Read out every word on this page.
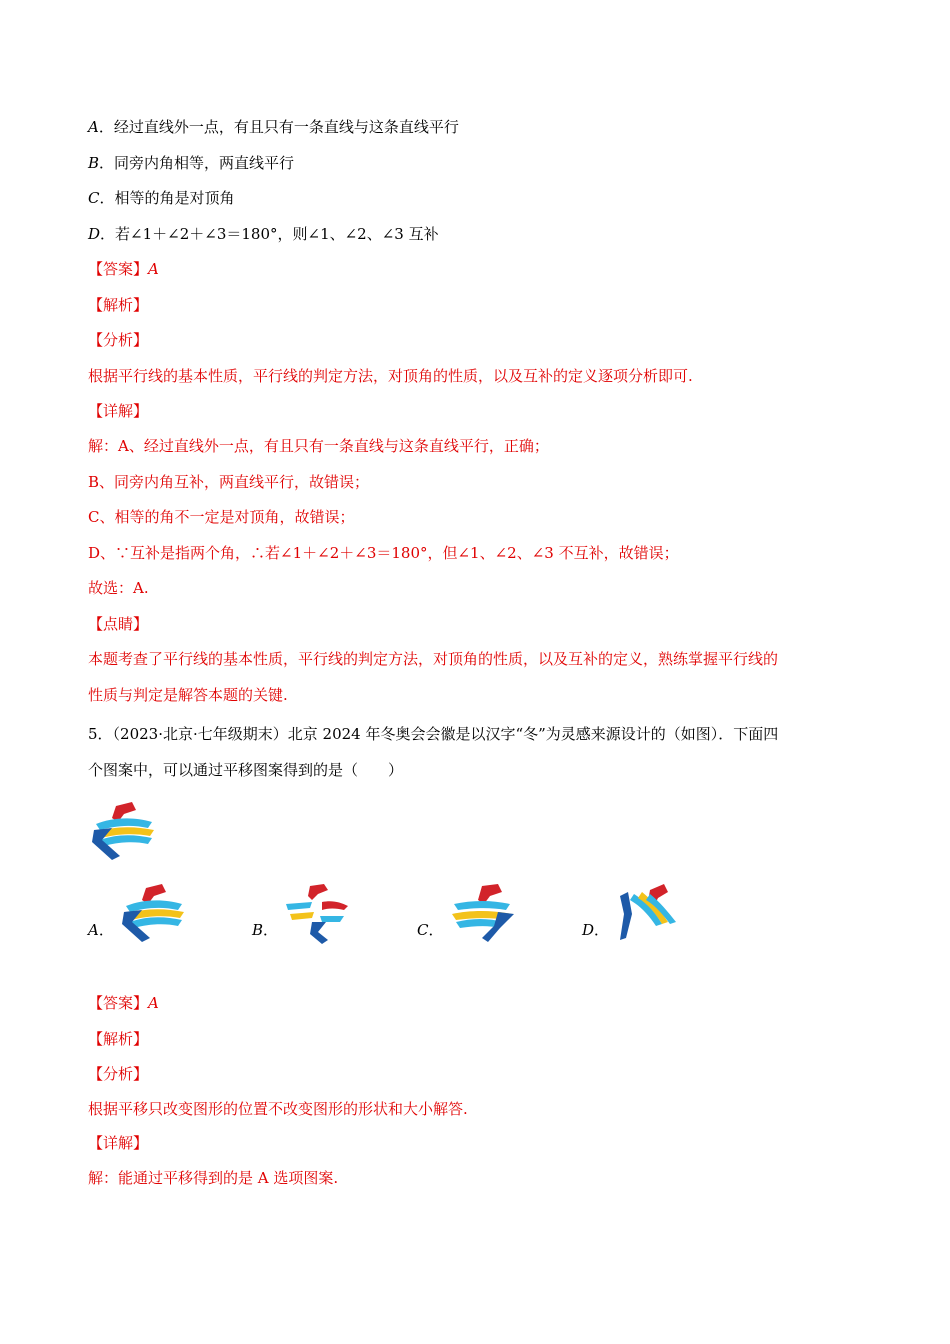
A．经过直线外一点，有且只有一条直线与这条直线平行
B．同旁内角相等，两直线平行
C．相等的角是对顶角
D．若∠1＋∠2＋∠3＝180°，则∠1、∠2、∠3 互补
【答案】A
【解析】
【分析】
根据平行线的基本性质，平行线的判定方法，对顶角的性质，以及互补的定义逐项分析即可.
【详解】
解：A、经过直线外一点，有且只有一条直线与这条直线平行，正确；
B、同旁内角互补，两直线平行，故错误；
C、相等的角不一定是对顶角，故错误；
D、∵互补是指两个角，∴若∠1＋∠2＋∠3＝180°，但∠1、∠2、∠3 不互补，故错误；
故选：A.
【点睛】
本题考查了平行线的基本性质，平行线的判定方法，对顶角的性质，以及互补的定义，熟练掌握平行线的
性质与判定是解答本题的关键.
5．（2023·北京·七年级期末）北京 2024 年冬奥会会徽是以汉字“冬”为灵感来源设计的（如图）．下面四
个图案中，可以通过平移图案得到的是（　　）
A．	B．	C．	D．
【答案】A
【解析】
【分析】
根据平移只改变图形的位置不改变图形的形状和大小解答.
【详解】
解：能通过平移得到的是 A 选项图案.
